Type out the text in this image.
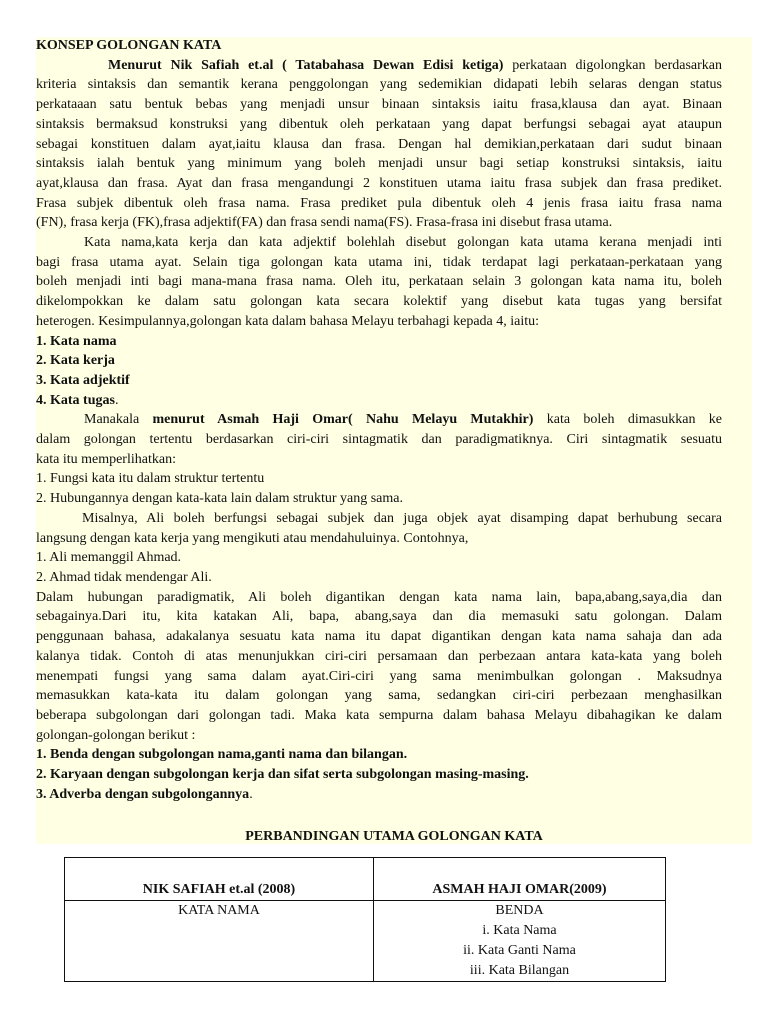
KONSEP GOLONGAN KATA
Menurut Nik Safiah et.al ( Tatabahasa Dewan Edisi ketiga) perkataan digolongkan berdasarkan
kriteria sintaksis dan semantik kerana penggolongan yang sedemikian didapati lebih selaras dengan status
perkataaan satu bentuk bebas yang menjadi unsur binaan sintaksis iaitu frasa,klausa dan ayat. Binaan
sintaksis bermaksud konstruksi yang dibentuk oleh perkataan yang dapat berfungsi sebagai ayat ataupun
sebagai konstituen dalam ayat,iaitu klausa dan frasa. Dengan hal demikian,perkataan dari sudut binaan
sintaksis ialah bentuk yang minimum yang boleh menjadi unsur bagi setiap konstruksi sintaksis, iaitu
ayat,klausa dan frasa. Ayat dan frasa mengandungi 2 konstituen utama iaitu frasa subjek dan frasa prediket.
Frasa subjek dibentuk oleh frasa nama. Frasa prediket pula dibentuk oleh 4 jenis frasa iaitu frasa nama
(FN), frasa kerja (FK),frasa adjektif(FA) dan frasa sendi nama(FS). Frasa-frasa ini disebut frasa utama.
Kata nama,kata kerja dan kata adjektif bolehlah disebut golongan kata utama kerana menjadi inti
bagi frasa utama ayat. Selain tiga golongan kata utama ini, tidak terdapat lagi perkataan-perkataan yang
boleh menjadi inti bagi mana-mana frasa nama. Oleh itu, perkataan selain 3 golongan kata nama itu, boleh
dikelompokkan ke dalam satu golongan kata secara kolektif yang disebut kata tugas yang bersifat
heterogen. Kesimpulannya,golongan kata dalam bahasa Melayu terbahagi kepada 4, iaitu:
1. Kata nama
2. Kata kerja
3. Kata adjektif
4. Kata tugas.
Manakala menurut Asmah Haji Omar( Nahu Melayu Mutakhir) kata boleh dimasukkan ke
dalam golongan tertentu berdasarkan ciri-ciri sintagmatik dan paradigmatiknya. Ciri sintagmatik sesuatu
kata itu memperlihatkan:
1. Fungsi kata itu dalam struktur tertentu
2. Hubungannya dengan kata-kata lain dalam struktur yang sama.
Misalnya, Ali boleh berfungsi sebagai subjek dan juga objek ayat disamping dapat berhubung secara
langsung dengan kata kerja yang mengikuti atau mendahuluinya. Contohnya,
1. Ali memanggil Ahmad.
2. Ahmad tidak mendengar Ali.
Dalam hubungan paradigmatik, Ali boleh digantikan dengan kata nama lain, bapa,abang,saya,dia dan
sebagainya.Dari itu, kita katakan Ali, bapa, abang,saya dan dia memasuki satu golongan. Dalam
penggunaan bahasa, adakalanya sesuatu kata nama itu dapat digantikan dengan kata nama sahaja dan ada
kalanya tidak. Contoh di atas menunjukkan ciri-ciri persamaan dan perbezaan antara kata-kata yang boleh
menempati fungsi yang sama dalam ayat.Ciri-ciri yang sama menimbulkan golongan . Maksudnya
memasukkan kata-kata itu dalam golongan yang sama, sedangkan ciri-ciri perbezaan menghasilkan
beberapa subgolongan dari golongan tadi. Maka kata sempurna dalam bahasa Melayu dibahagikan ke dalam
golongan-golongan berikut :
1. Benda dengan subgolongan nama,ganti nama dan bilangan.
2. Karyaan dengan subgolongan kerja dan sifat serta subgolongan masing-masing.
3. Adverba dengan subgolongannya.
PERBANDINGAN UTAMA GOLONGAN KATA
NIK SAFIAH et.al (2008)	ASMAH HAJI OMAR(2009)

KATA NAMA	BENDA
i. Kata Nama
ii. Kata Ganti Nama
iii. Kata Bilangan
